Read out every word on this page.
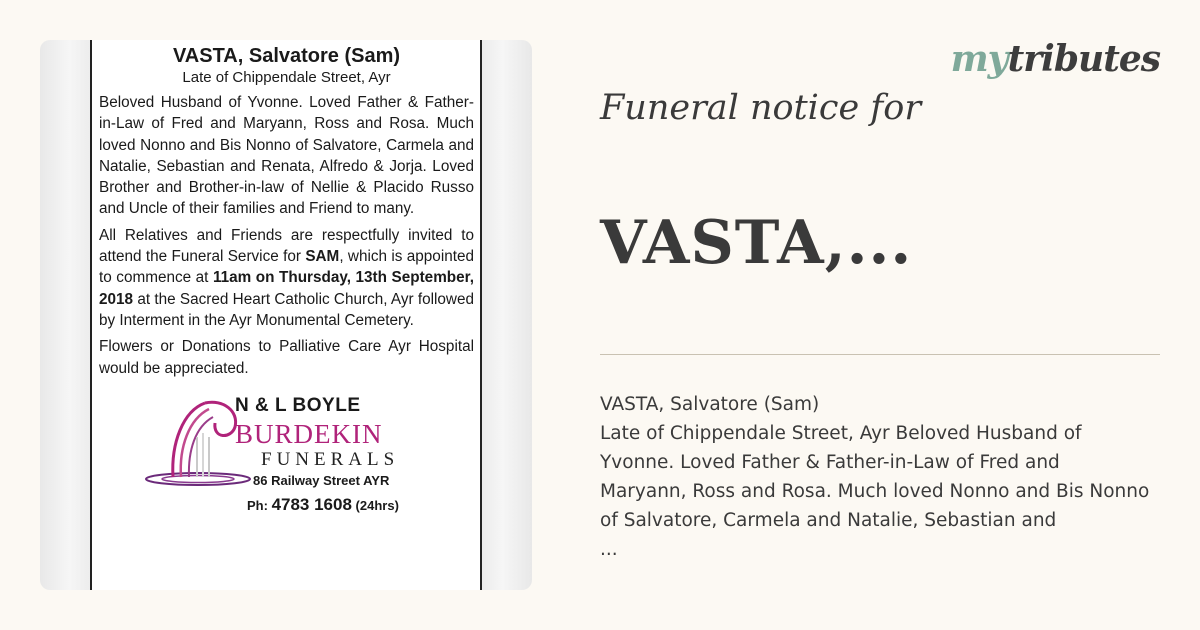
VASTA, Salvatore (Sam)

Late of Chippendale Street, Ayr

Beloved Husband of Yvonne. Loved Father & Father-in-Law of Fred and Maryann, Ross and Rosa. Much loved Nonno and Bis Nonno of Salvatore, Carmela and Natalie, Sebastian and Renata, Alfredo & Jorja. Loved Brother and Brother-in-law of Nellie & Placido Russo and Uncle of their families and Friend to many.

All Relatives and Friends are respectfully invited to attend the Funeral Service for SAM, which is appointed to commence at 11am on Thursday, 13th September, 2018 at the Sacred Heart Catholic Church, Ayr followed by Interment in the Ayr Monumental Cemetery.

Flowers or Donations to Palliative Care Ayr Hospital would be appreciated.

N & L BOYLE
BURDEKIN
FUNERALS
86 Railway Street AYR
Ph: 4783 1608 (24hrs)
mytributes
Funeral notice for
VASTA,...
VASTA, Salvatore (Sam)
Late of Chippendale Street, Ayr Beloved Husband of
Yvonne. Loved Father & Father-in-Law of Fred and
Maryann, Ross and Rosa. Much loved Nonno and Bis Nonno
of Salvatore, Carmela and Natalie, Sebastian and
...
